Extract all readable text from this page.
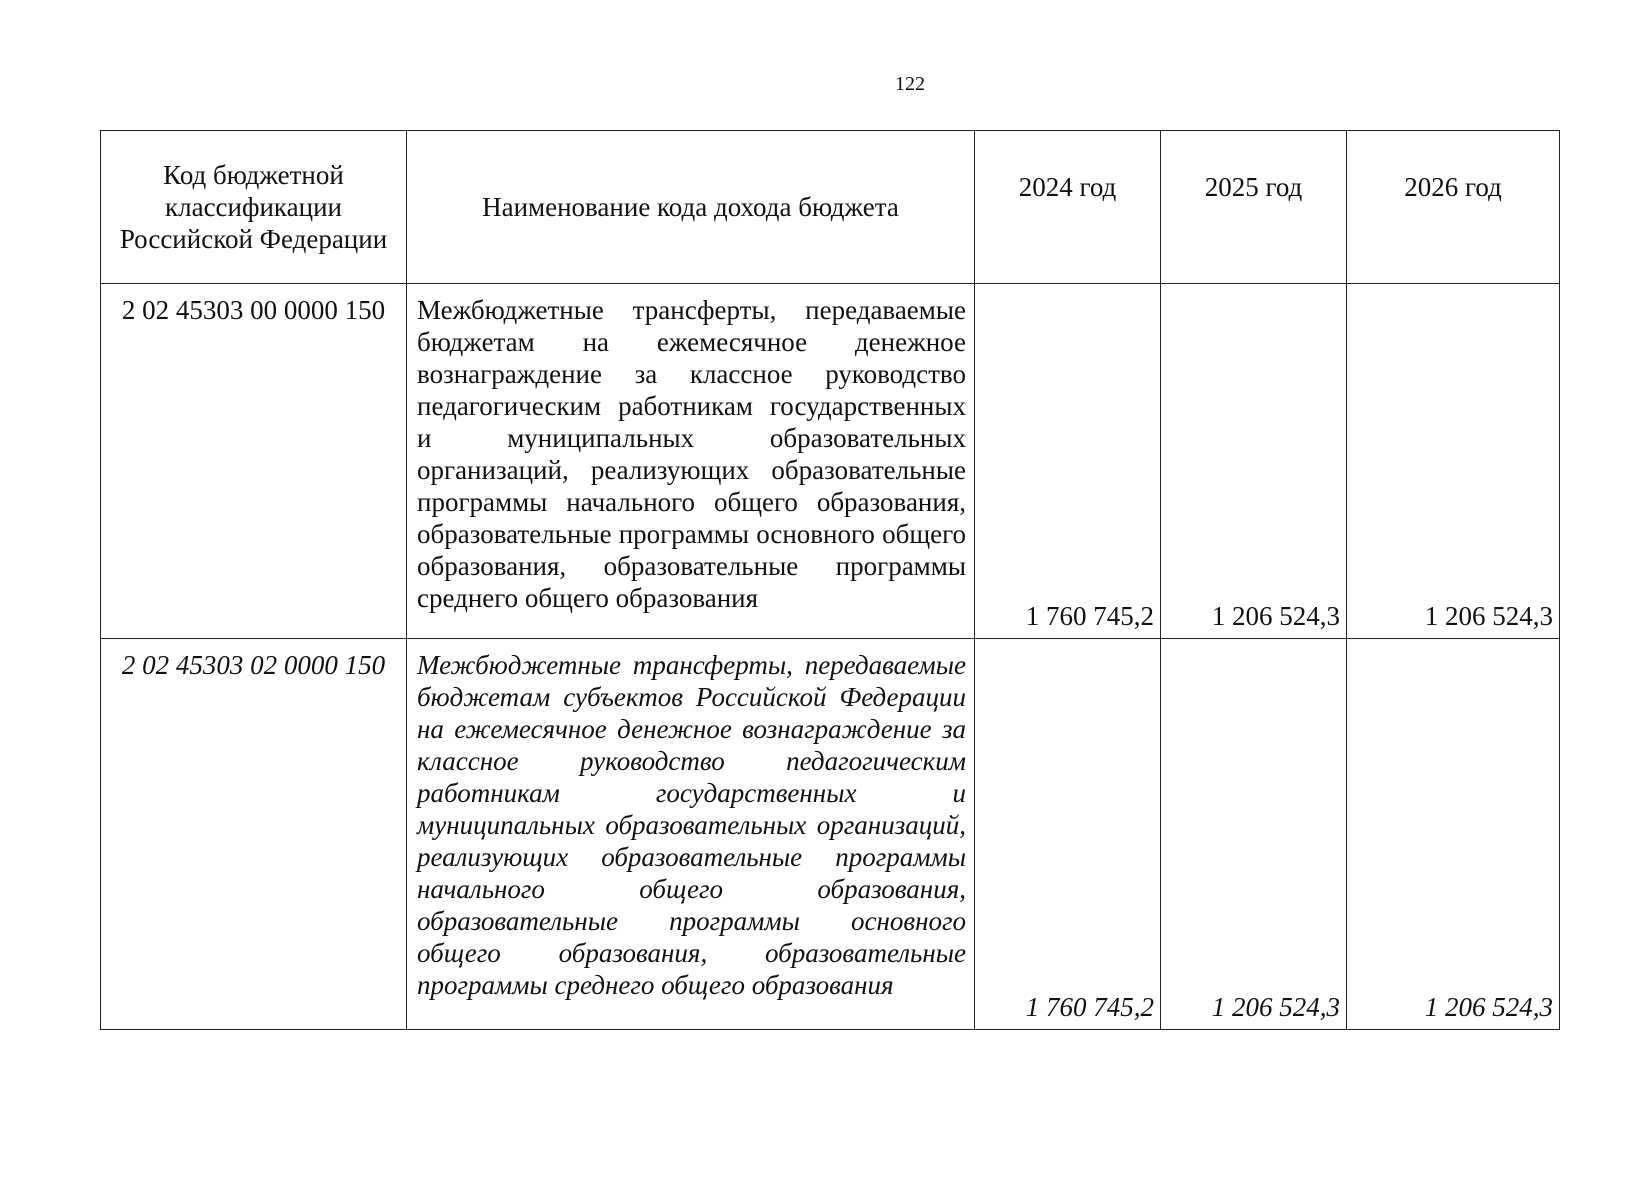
122
Код бюджетной классификации Российской Федерации	Наименование кода дохода бюджета	2024 год	2025 год	2026 год
2 02 45303 00 0000 150	Межбюджетные трансферты, передаваемые бюджетам на ежемесячное денежное вознаграждение за классное руководство педагогическим работникам государственных и муниципальных образовательных организаций, реализующих образовательные программы начального общего образования, образовательные программы основного общего образования, образовательные программы среднего общего образования	1 760 745,2	1 206 524,3	1 206 524,3
2 02 45303 02 0000 150	Межбюджетные трансферты, передаваемые бюджетам субъектов Российской Федерации на ежемесячное денежное вознаграждение за классное руководство педагогическим работникам государственных и муниципальных образовательных организаций, реализующих образовательные программы начального общего образования, образовательные программы основного общего образования, образовательные программы среднего общего образования	1 760 745,2	1 206 524,3	1 206 524,3
